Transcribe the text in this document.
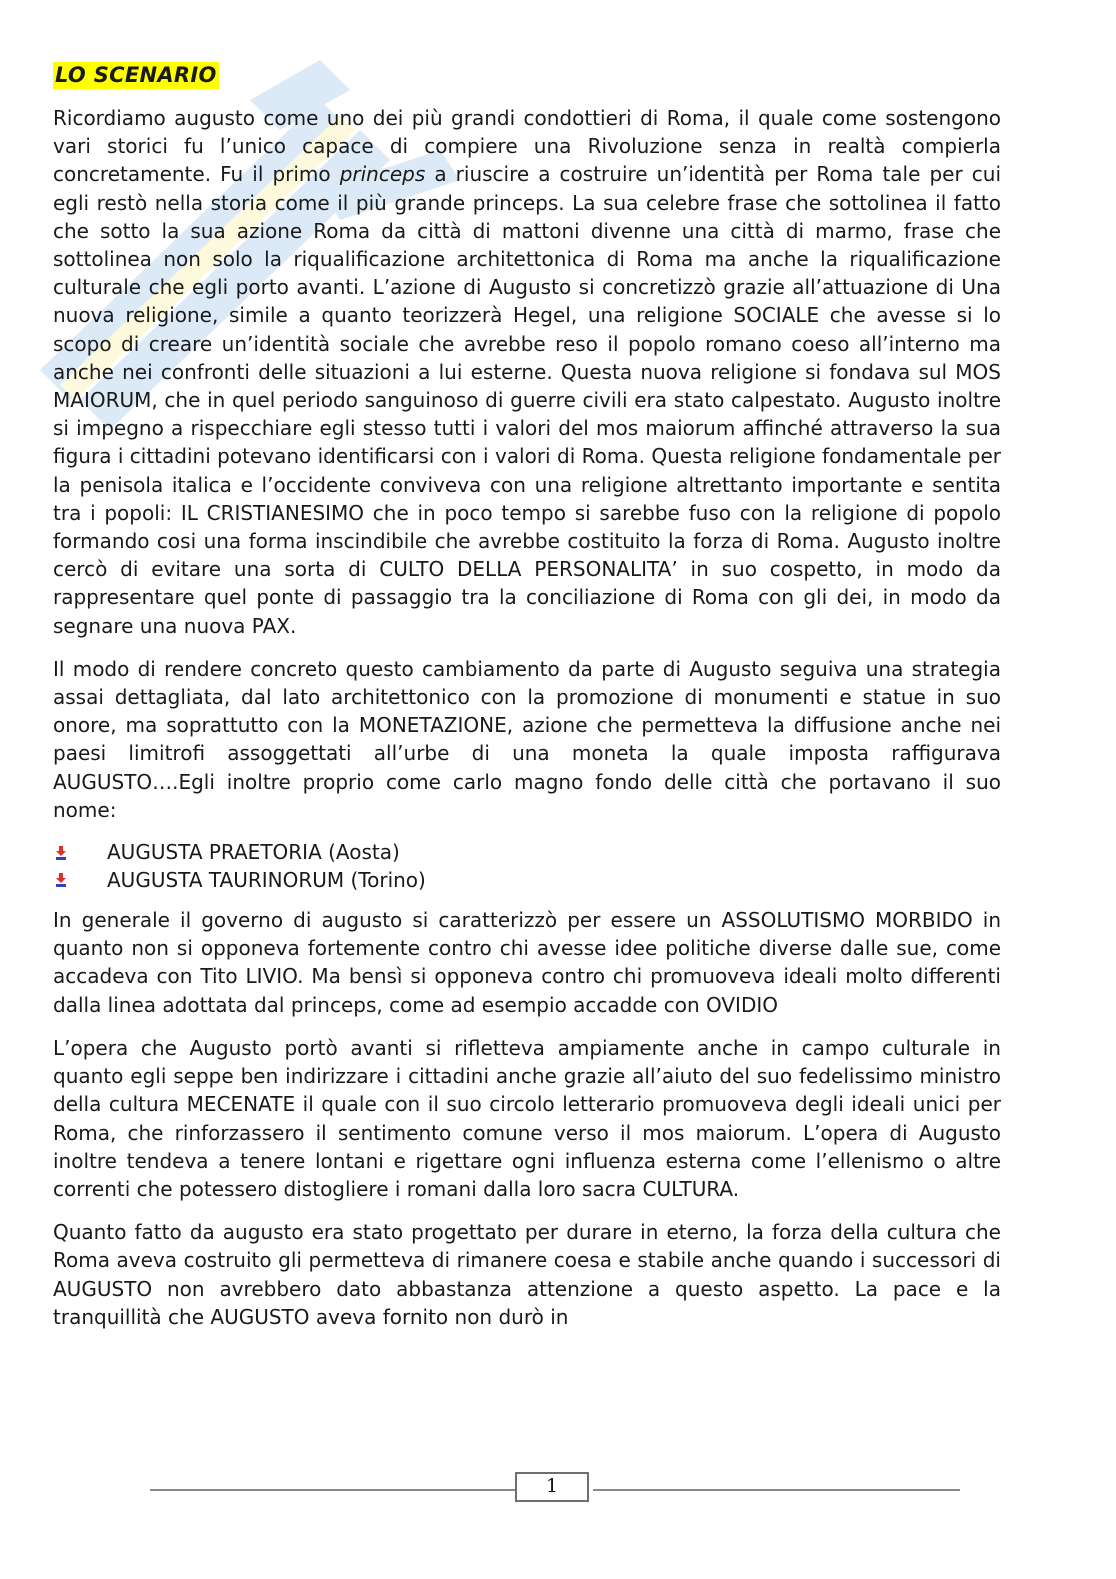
LO SCENARIO

Ricordiamo augusto come uno dei più grandi condottieri di Roma, il quale come sostengono vari storici fu l’unico capace di compiere una Rivoluzione senza in realtà compierla concretamente. Fu il primo princeps a riuscire a costruire un’identità per Roma tale per cui egli restò nella storia come il più grande princeps. La sua celebre frase che sottolinea il fatto che sotto la sua azione Roma da città di mattoni divenne una città di marmo, frase che sottolinea non solo la riqualificazione architettonica di Roma ma anche la riqualificazione culturale che egli porto avanti. L’azione di Augusto si concretizzò grazie all’attuazione di Una nuova religione, simile a quanto teorizzerà Hegel, una religione SOCIALE che avesse si lo scopo di creare un’identità sociale che avrebbe reso il popolo romano coeso all’interno ma anche nei confronti delle situazioni a lui esterne. Questa nuova religione si fondava sul MOS MAIORUM, che in quel periodo sanguinoso di guerre civili era stato calpestato. Augusto inoltre si impegno a rispecchiare egli stesso tutti i valori del mos maiorum affinché attraverso la sua figura i cittadini potevano identificarsi con i valori di Roma. Questa religione fondamentale per la penisola italica e l’occidente conviveva con una religione altrettanto importante e sentita tra i popoli: IL CRISTIANESIMO che in poco tempo si sarebbe fuso con la religione di popolo formando cosi una forma inscindibile che avrebbe costituito la forza di Roma. Augusto inoltre cercò di evitare una sorta di CULTO DELLA PERSONALITA’ in suo cospetto, in modo da rappresentare quel ponte di passaggio tra la conciliazione di Roma con gli dei, in modo da segnare una nuova PAX.

Il modo di rendere concreto questo cambiamento da parte di Augusto seguiva una strategia assai dettagliata, dal lato architettonico con la promozione di monumenti e statue in suo onore, ma soprattutto con la MONETAZIONE, azione che permetteva la diffusione anche nei paesi limitrofi assoggettati all’urbe di una moneta la quale imposta raffigurava AUGUSTO….Egli inoltre proprio come carlo magno fondo delle città che portavano il suo nome:

AUGUSTA PRAETORIA (Aosta)
AUGUSTA TAURINORUM (Torino)

In generale il governo di augusto si caratterizzò per essere un ASSOLUTISMO MORBIDO in quanto non si opponeva fortemente contro chi avesse idee politiche diverse dalle sue, come accadeva con Tito LIVIO. Ma bensì si opponeva contro chi promuoveva ideali molto differenti dalla linea adottata dal princeps, come ad esempio accadde con OVIDIO

L’opera che Augusto portò avanti si rifletteva ampiamente anche in campo culturale in quanto egli seppe ben indirizzare i cittadini anche grazie all’aiuto del suo fedelissimo ministro della cultura MECENATE il quale con il suo circolo letterario promuoveva degli ideali unici per Roma, che rinforzassero il sentimento comune verso il mos maiorum. L’opera di Augusto inoltre tendeva a tenere lontani e rigettare ogni influenza esterna come l’ellenismo o altre correnti che potessero distogliere i romani dalla loro sacra CULTURA.

Quanto fatto da augusto era stato progettato per durare in eterno, la forza della cultura che Roma aveva costruito gli permetteva di rimanere coesa e stabile anche quando i successori di AUGUSTO non avrebbero dato abbastanza attenzione a questo aspetto. La pace e la tranquillità che AUGUSTO aveva fornito non durò in

1
